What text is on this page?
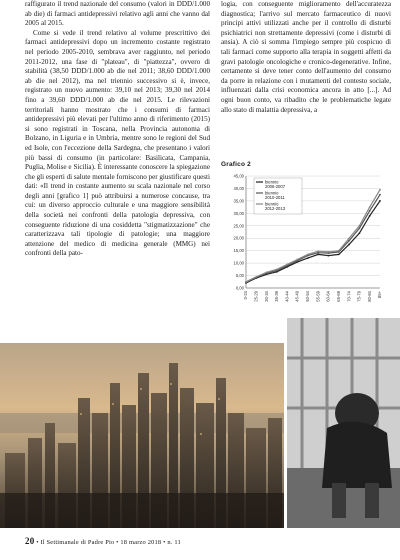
raffigurato il trend nazionale del consumo (valori in DDD/1.000 ab die) di farmaci antidepressivi relativo agli anni che vanno dal 2005 al 2015.

Come si vede il trend relativo al volume prescrittivo dei farmaci antidepressivi dopo un incremento costante registrato nel periodo 2005-2010, sembrava aver raggiunto, nel periodo 2011-2012, una fase di "plateau", di "piattezza", ovvero di stabilità (38,50 DDD/1.000 ab die nel 2011; 38,60 DDD/1.000 ab die nel 2012), ma nel triennio successivo si è, invece, registrato un nuovo aumento: 39,10 nel 2013; 39,30 nel 2014 fino a 39,60 DDD/1.000 ab die nel 2015. Le rilevazioni territoriali hanno mostrato che i consumi di farmaci antidepressivi più elevati per l'ultimo anno di riferimento (2015) si sono registrati in Toscana, nella Provincia autonoma di Bolzano, in Liguria e in Umbria, mentre sono le regioni del Sud ed Isole, con l'eccezione della Sardegna, che presentano i valori più bassi di consumo (in particolare: Basilicata, Campania, Puglia, Molise e Sicilia). È interessante conoscere la spiegazione che gli esperti di salute mentale forniscono per giustificare questi dati: «Il trend in costante aumento su scala nazionale nel corso degli anni [grafico 1] può attribuirsi a numerose concause, tra cui: un diverso approccio culturale e una maggiore sensibilità della società nei confronti della patologia depressiva, con conseguente riduzione di una cosiddetta "stigmatizzazione" che caratterizzava tali tipologie di patologie; una maggiore attenzione del medico di medicina generale (MMG) nei confronti della pato-

logia, con conseguente miglioramento dell'accuratezza diagnostica; l'arrivo sul mercato farmaceutico di nuovi principi attivi utilizzati anche per il controllo di disturbi psichiatrici non strettamente depressivi (come i disturbi di ansia). A ciò si somma l'impiego sempre più cospicuo di tali farmaci come supporto alla terapia in soggetti affetti da gravi patologie oncologiche e cronico-degenerative. Infine, certamente si deve tener conto dell'aumento del consumo da porre in relazione con i mutamenti del contesto sociale, influenzati dalla crisi economica ancora in atto [...]. Ad ogni buon conto, va ribadito che le problematiche legate allo stato di malattia depressiva, a

Grafico 2
0,00
5,00
10,00
15,00
20,00
25,00
30,00
35,00
40,00
45,00
0-24 25-29 30-34 35-39 40-44 45-49 50-54 55-59 60-64 65-69 70-74 75-79 80-84 85+
biennio
2006-2007
biennio
2010-2011
biennio
2012-2013
20 • Il Settimanale di Padre Pio • 18 marzo 2018 • n. 11
